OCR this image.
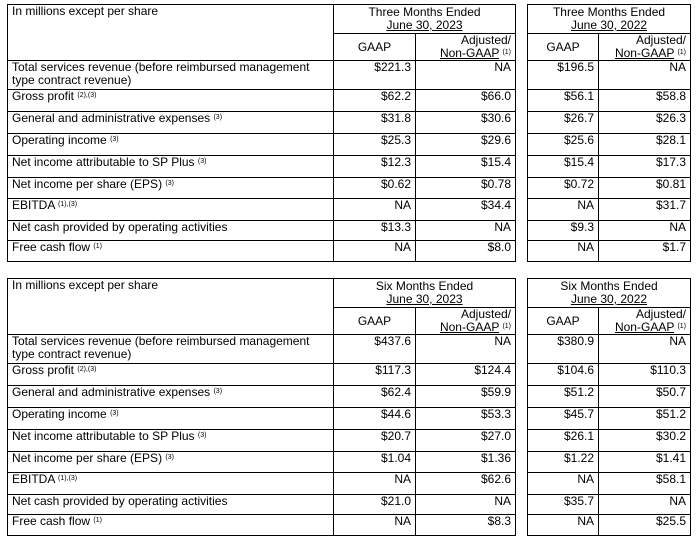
In millions except per share	Three Months Ended
June 30, 2023	

	GAAP	Adjusted/
Non-GAAP $^{(1)}$

Total services revenue (before reimbursed management type contract revenue)	$221.3	NA
Gross profit $^{(2),(3)}$	$62.2	$66.0
General and administrative expenses $^{(3)}$	$31.8	$30.6
Operating income $^{(3)}$	$25.3	$29.6
Net income attributable to SP Plus $^{(3)}$	$12.3	$15.4
Net income per share (EPS) $^{(3)}$	$0.62	$0.78
EBITDA $^{(1),(3)}$	NA	$34.4
Net cash provided by operating activities	$13.3	NA
Free cash flow $^{(1)}$	NA	$8.0
Three Months Ended
June 30, 2022	

GAAP	Adjusted/
Non-GAAP $^{(1)}$

$196.5	NA
$56.1	$58.8
$26.7	$26.3
$25.6	$28.1
$15.4	$17.3
$0.72	$0.81
NA	$31.7
$9.3	NA
NA	$1.7
In millions except per share	Six Months Ended
June 30, 2023	

	GAAP	Adjusted/
Non-GAAP $^{(1)}$

Total services revenue (before reimbursed management type contract revenue)	$437.6	NA
Gross profit $^{(2),(3)}$	$117.3	$124.4
General and administrative expenses $^{(3)}$	$62.4	$59.9
Operating income $^{(3)}$	$44.6	$53.3
Net income attributable to SP Plus $^{(3)}$	$20.7	$27.0
Net income per share (EPS) $^{(3)}$	$1.04	$1.36
EBITDA $^{(1),(3)}$	NA	$62.6
Net cash provided by operating activities	$21.0	NA
Free cash flow $^{(1)}$	NA	$8.3
Six Months Ended
June 30, 2022	

GAAP	Adjusted/
Non-GAAP $^{(1)}$

$380.9	NA
$104.6	$110.3
$51.2	$50.7
$45.7	$51.2
$26.1	$30.2
$1.22	$1.41
NA	$58.1
$35.7	NA
NA	$25.5
